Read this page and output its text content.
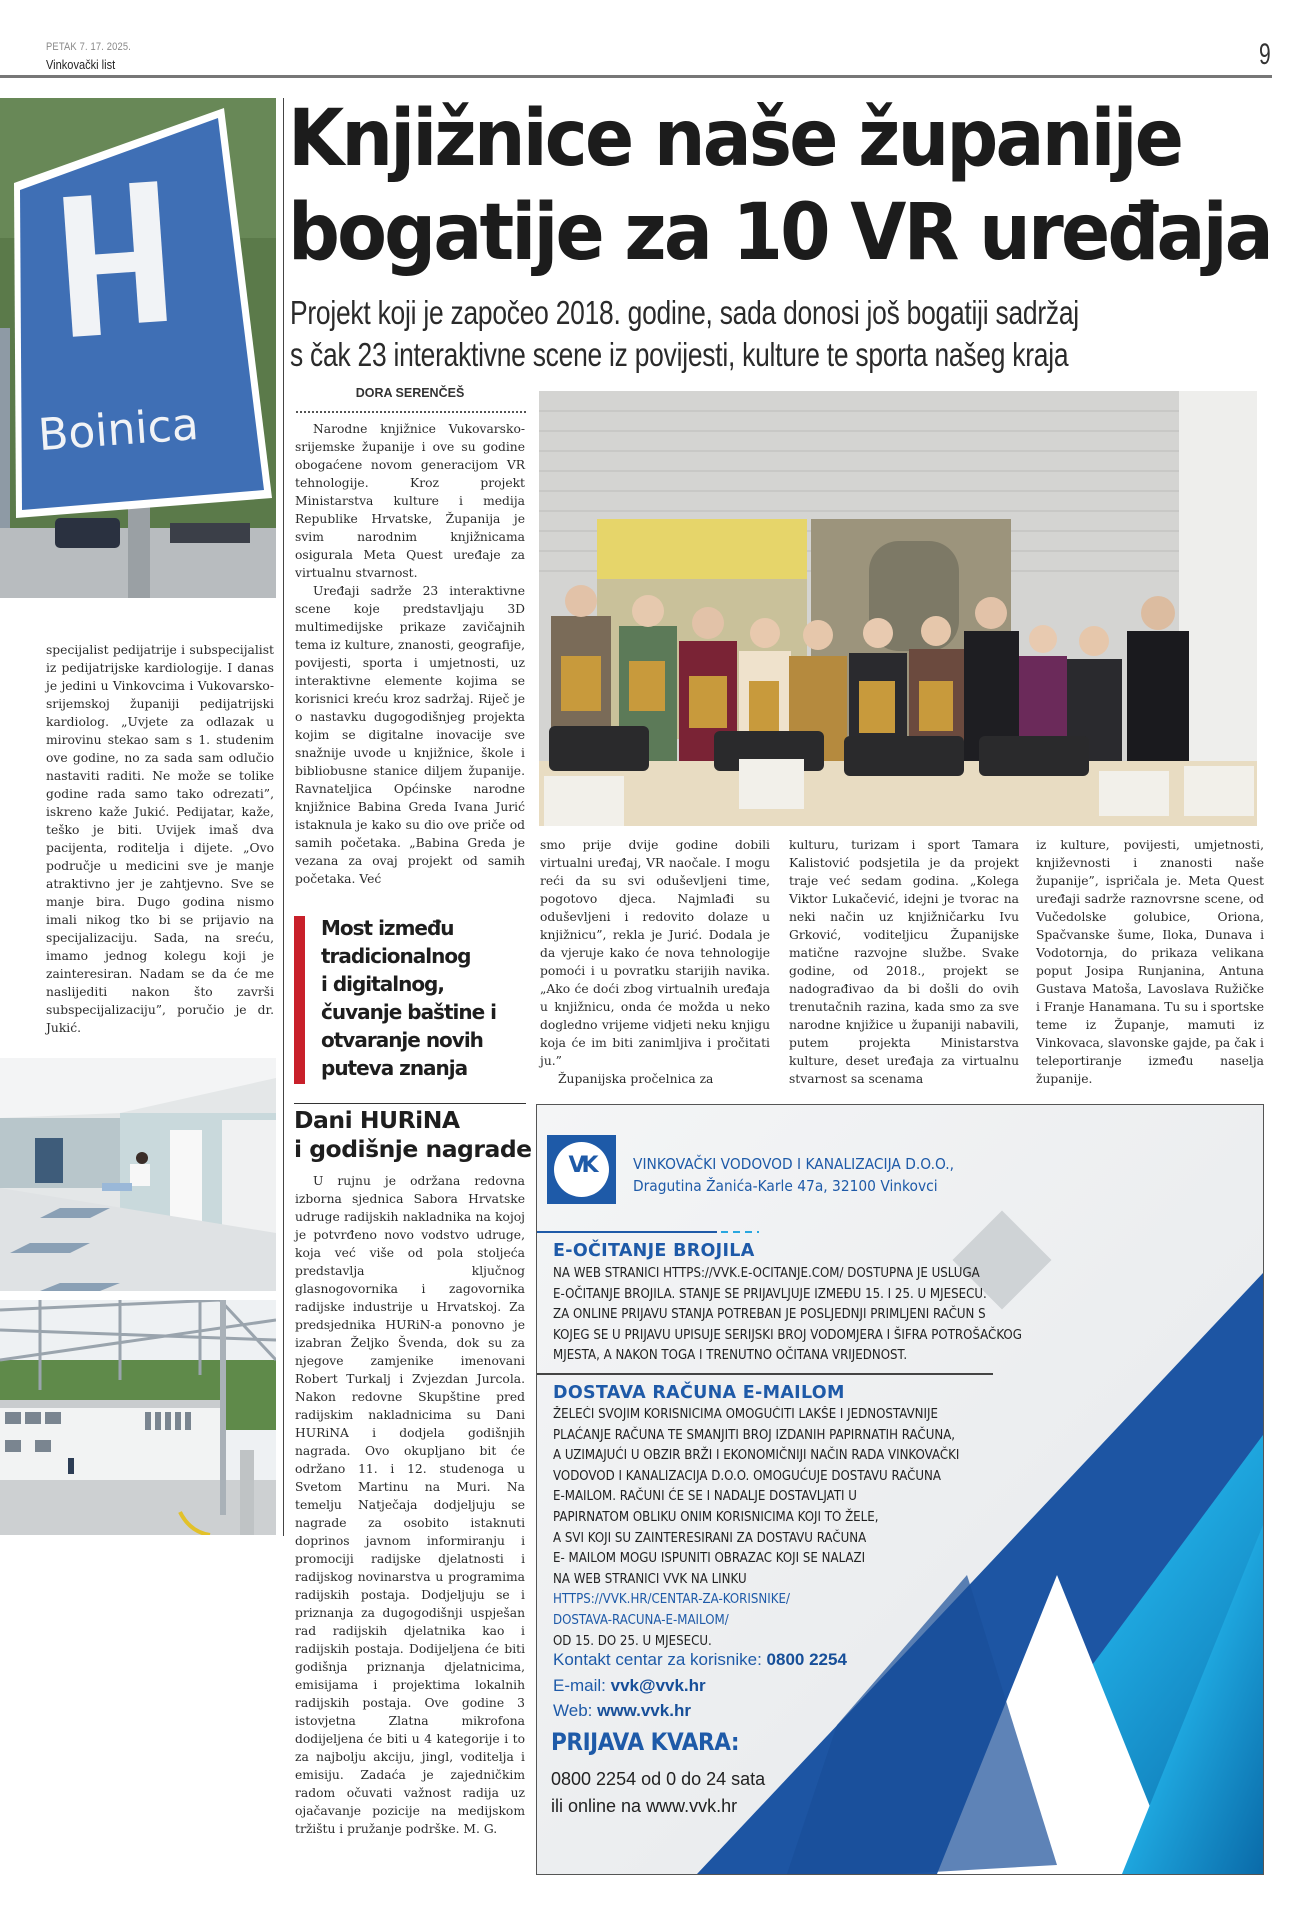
PETAK 7. 17. 2025.
Vinkovački list	9
Boinica

specijalist pedijatrije i subspecijalist iz pedijatrijske kardiologije. I danas je jedini u Vinkovcima i Vukovarsko-srijemskoj županiji pedijatrijski kardiolog. „Uvjete za odlazak u mirovinu stekao sam s 1. studenim ove godine, no za sada sam odlučio nastaviti raditi. Ne može se tolike godine rada samo tako odrezati”, iskreno kaže Jukić. Pedijatar, kaže, teško je biti. Uvijek imaš dva pacijenta, roditelja i dijete. „Ovo područje u medicini sve je manje atraktivno jer je zahtjevno. Sve se manje bira. Dugo godina nismo imali nikog tko bi se prijavio na specijalizaciju. Sada, na sreću, imamo jednog kolegu koji je zainteresiran. Nadam se da će me naslijediti nakon što završi subspecijalizaciju”, poručio je dr. Jukić.

Knjižnice naše županije
bogatije za 10 VR uređaja
Projekt koji je započeo 2018. godine, sada donosi još bogatiji sadržaj
s čak 23 interaktivne scene iz povijesti, kulture te sporta našeg kraja
DORA SERENČEŠ

Narodne knjižnice Vukovarsko-srijemske županije i ove su godine obogaćene novom generacijom VR tehnologije. Kroz projekt Ministarstva kulture i medija Republike Hrvatske, Županija je svim narodnim knjižnicama osigurala Meta Quest uređaje za virtualnu stvarnost.

Uređaji sadrže 23 interaktivne scene koje predstavljaju 3D multimedijske prikaze zavičajnih tema iz kulture, znanosti, geografije, povijesti, sporta i umjetnosti, uz interaktivne elemente kojima se korisnici kreću kroz sadržaj. Riječ je o nastavku dugogodišnjeg projekta kojim se digitalne inovacije sve snažnije uvode u knjižnice, škole i bibliobusne stanice diljem županije. Ravnateljica Općinske narodne knjižnice Babina Greda Ivana Jurić istaknula je kako su dio ove priče od samih početaka. „Babina Greda je vezana za ovaj projekt od samih početaka. Već

Most između
tradicionalnog
i digitalnog,
čuvanje baštine i
otvaranje novih
puteva znanja
Dani HURiNA
i godišnje nagrade

U rujnu je održana redovna izborna sjednica Sabora Hrvatske udruge radijskih nakladnika na kojoj je potvrđeno novo vodstvo udruge, koja već više od pola stoljeća predstavlja ključnog glasnogovornika i zagovornika radijske industrije u Hrvatskoj. Za predsjednika HURiN-a ponovno je izabran Željko Švenda, dok su za njegove zamjenike imenovani Robert Turkalj i Zvjezdan Jurcola. Nakon redovne Skupštine pred radijskim nakladnicima su Dani HURiNA i dodjela godišnjih nagrada. Ovo okupljano bit će održano 11. i 12. studenoga u Svetom Martinu na Muri. Na temelju Natječaja dodjeljuju se nagrade za osobito istaknuti doprinos javnom informiranju i promociji radijske djelatnosti i radijskog novinarstva u programima radijskih postaja. Dodjeljuju se i priznanja za dugogodišnji uspješan rad radijskih djelatnika kao i radijskih postaja. Dodijeljena će biti godišnja priznanja djelatnicima, emisijama i projektima lokalnih radijskih postaja. Ove godine 3 istovjetna Zlatna mikrofona dodijeljena će biti u 4 kategorije i to za najbolju akciju, jingl, voditelja i emisiju. Zadaća je zajedničkim radom očuvati važnost radija uz ojačavanje pozicije na medijskom tržištu i pružanje podrške. M. G.

smo prije dvije godine dobili virtualni uređaj, VR naočale. I mogu reći da su svi oduševljeni time, pogotovo djeca. Najmlađi su oduševljeni i redovito dolaze u knjižnicu”, rekla je Jurić. Dodala je da vjeruje kako će nova tehnologije pomoći i u povratku starijih navika. „Ako će doći zbog virtualnih uređaja u knjižnicu, onda će možda u neko dogledno vrijeme vidjeti neku knjigu koja će im biti zanimljiva i pročitati ju.”

Županijska pročelnica za

kulturu, turizam i sport Tamara Kalistović podsjetila je da projekt traje već sedam godina. „Kolega Viktor Lukačević, idejni je tvorac na neki način uz knjižničarku Ivu Grković, voditeljicu Županijske matične razvojne službe. Svake godine, od 2018., projekt se nadograđivao da bi došli do ovih trenutačnih razina, kada smo za sve narodne knjižice u županiji nabavili, putem projekta Ministarstva kulture, deset uređaja za virtualnu stvarnost sa scenama

iz kulture, povijesti, umjetnosti, književnosti i znanosti naše županije”, ispričala je. Meta Quest uređaji sadrže raznovrsne scene, od Vučedolske golubice, Oriona, Spačvanske šume, Iloka, Dunava i Vodotornja, do prikaza velikana poput Josipa Runjanina, Antuna Gustava Matoša, Lavoslava Ružičke i Franje Hanamana. Tu su i sportske teme iz Županje, mamuti iz Vinkovaca, slavonske gajde, pa čak i teleportiranje između naselja županije.

VK	VINKOVAČKI VODOVOD I KANALIZACIJA D.O.O.,
Dragutina Žanića-Karle 47a, 32100 Vinkovci
E-OČITANJE BROJILA
NA WEB STRANICI HTTPS://VVK.E-OCITANJE.COM/ DOSTUPNA JE USLUGA
E-OČITANJE BROJILA. STANJE SE PRIJAVLJUJE IZMEĐU 15. I 25. U MJESECU.
ZA ONLINE PRIJAVU STANJA POTREBAN JE POSLJEDNJI PRIMLJENI RAČUN S
KOJEG SE U PRIJAVU UPISUJE SERIJSKI BROJ VODOMJERA I ŠIFRA POTROŠAČKOG
MJESTA, A NAKON TOGA I TRENUTNO OČITANA VRIJEDNOST.
DOSTAVA RAČUNA E-MAILOM
ŽELEĆI SVOJIM KORISNICIMA OMOGUĆITI LAKŠE I JEDNOSTAVNIJE
PLAĆANJE RAČUNA TE SMANJITI BROJ IZDANIH PAPIRNATIH RAČUNA,
A UZIMAJUĆI U OBZIR BRŽI I EKONOMIČNIJI NAČIN RADA VINKOVAČKI
VODOVOD I KANALIZACIJA D.O.O. OMOGUĆUJE DOSTAVU RAČUNA
E-MAILOM. RAČUNI ĆE SE I NADALJE DOSTAVLJATI U
PAPIRNATOM OBLIKU ONIM KORISNICIMA KOJI TO ŽELE,
A SVI KOJI SU ZAINTERESIRANI ZA DOSTAVU RAČUNA
E- MAILOM MOGU ISPUNITI OBRAZAC KOJI SE NALAZI
NA WEB STRANICI VVK NA LINKU
HTTPS://VVK.HR/CENTAR-ZA-KORISNIKE/
DOSTAVA-RACUNA-E-MAILOM/
OD 15. DO 25. U MJESECU.
Kontakt centar za korisnike: 0800 2254
E-mail: vvk@vvk.hr
Web: www.vvk.hr
PRIJAVA KVARA:
0800 2254 od 0 do 24 sata
ili online na www.vvk.hr
